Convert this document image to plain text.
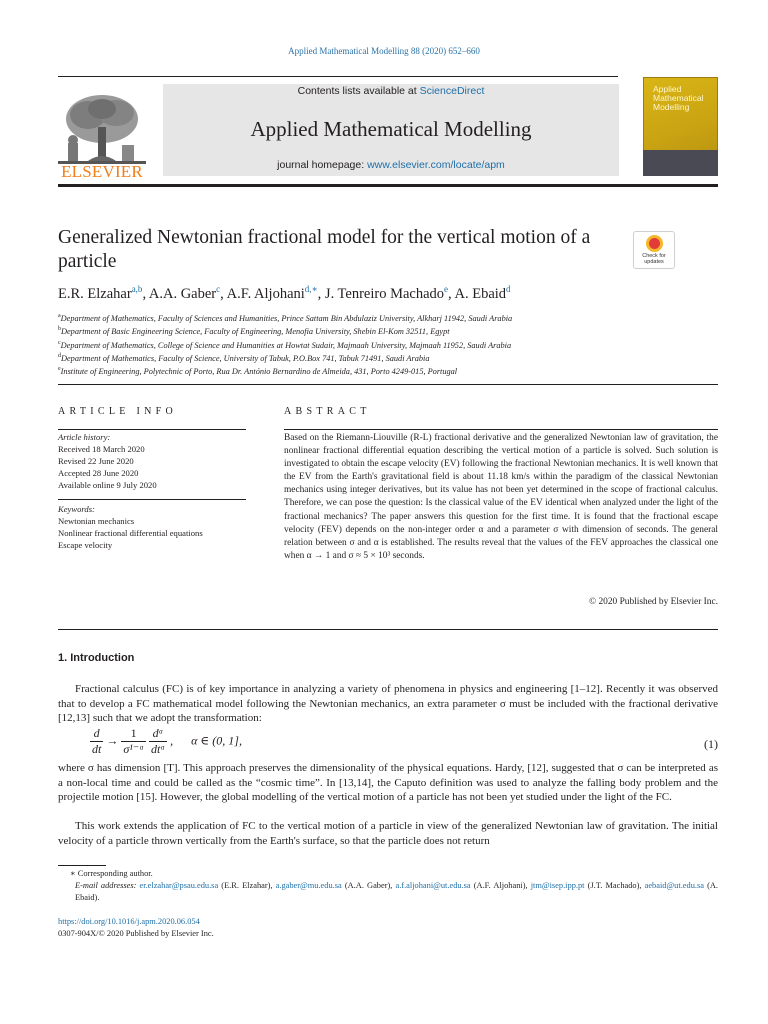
Applied Mathematical Modelling 88 (2020) 652–660
ELSEVIER
Contents lists available at ScienceDirect
Applied Mathematical Modelling
journal homepage: www.elsevier.com/locate/apm
Applied Mathematical Modelling
Generalized Newtonian fractional model for the vertical motion of a particle	Check for updates
E.R. Elzahar$^{a,b}$, A.A. Gaber$^c$, A.F. Aljohani$^{d,∗}$, J. Tenreiro Machado$^e$, A. Ebaid$^d$
$^a$Department of Mathematics, Faculty of Sciences and Humanities, Prince Sattam Bin Abdulaziz University, Alkharj 11942, Saudi Arabia
$^b$Department of Basic Engineering Science, Faculty of Engineering, Menofia University, Shebin El-Kom 32511, Egypt
$^c$Department of Mathematics, College of Science and Humanities at Howtat Sudair, Majmaah University, Majmaah 11952, Saudi Arabia
$^d$Department of Mathematics, Faculty of Science, University of Tabuk, P.O.Box 741, Tabuk 71491, Saudi Arabia
$^e$Institute of Engineering, Polytechnic of Porto, Rua Dr. António Bernardino de Almeida, 431, Porto 4249-015, Portugal
ARTICLE INFO	ABSTRACT
Article history:
Received 18 March 2020
Revised 22 June 2020
Accepted 28 June 2020
Available online 9 July 2020
Keywords:
Newtonian mechanics
Nonlinear fractional differential equations
Escape velocity
Based on the Riemann-Liouville (R-L) fractional derivative and the generalized Newtonian law of gravitation, the nonlinear fractional differential equation describing the vertical motion of a particle is solved. Such solution is investigated to obtain the escape velocity (EV) following the fractional Newtonian mechanics. It is well known that the EV from the Earth's gravitational field is about 11.18 km/s within the paradigm of the classical Newtonian mechanics using integer derivatives, but its value has not been yet determined in the scope of fractional calculus. Therefore, we can pose the question: Is the classical value of the EV identical when analyzed under the light of the fractional mechanics? The paper answers this question for the first time. It is found that the fractional escape velocity (FEV) depends on the non-integer order α and a parameter σ with dimension of seconds. The general relation between σ and α is established. The results reveal that the values of the FEV approaches the classical one when α → 1 and σ ≈ 5 × 10³ seconds.
© 2020 Published by Elsevier Inc.
1. Introduction
Fractional calculus (FC) is of key importance in analyzing a variety of phenomena in physics and engineering [1–12]. Recently it was observed that to develop a FC mathematical model following the Newtonian mechanics, an extra parameter σ must be included with the fractional derivative [12,13] such that we adopt the transformation:
$\frac{d}{dt} \to \frac{1}{\text{σ¹⁻ᵅ}}$
$\frac{\text{dᵅ}}{\text{dtᵅ}}$ ,      α ∈ (0, 1],	(1)
where σ has dimension [T]. This approach preserves the dimensionality of the physical equations. Hardy, [12], suggested that σ can be interpreted as a non-local time and could be called as the “cosmic time”. In [13,14], the Caputo definition was used to analyze the falling body problem and the projectile motion [15]. However, the global modelling of the vertical motion of a particle has not been yet studied under the light of the FC.
This work extends the application of FC to the vertical motion of a particle in view of the generalized Newtonian law of gravitation. The initial velocity of a particle thrown vertically from the Earth's surface, so that the particle does not return
∗ Corresponding author.
E-mail addresses: er.elzahar@psau.edu.sa (E.R. Elzahar), a.gaber@mu.edu.sa (A.A. Gaber), a.f.aljohani@ut.edu.sa (A.F. Aljohani), jtm@isep.ipp.pt (J.T. Machado), aebaid@ut.edu.sa (A. Ebaid).
https://doi.org/10.1016/j.apm.2020.06.054
0307-904X/© 2020 Published by Elsevier Inc.
